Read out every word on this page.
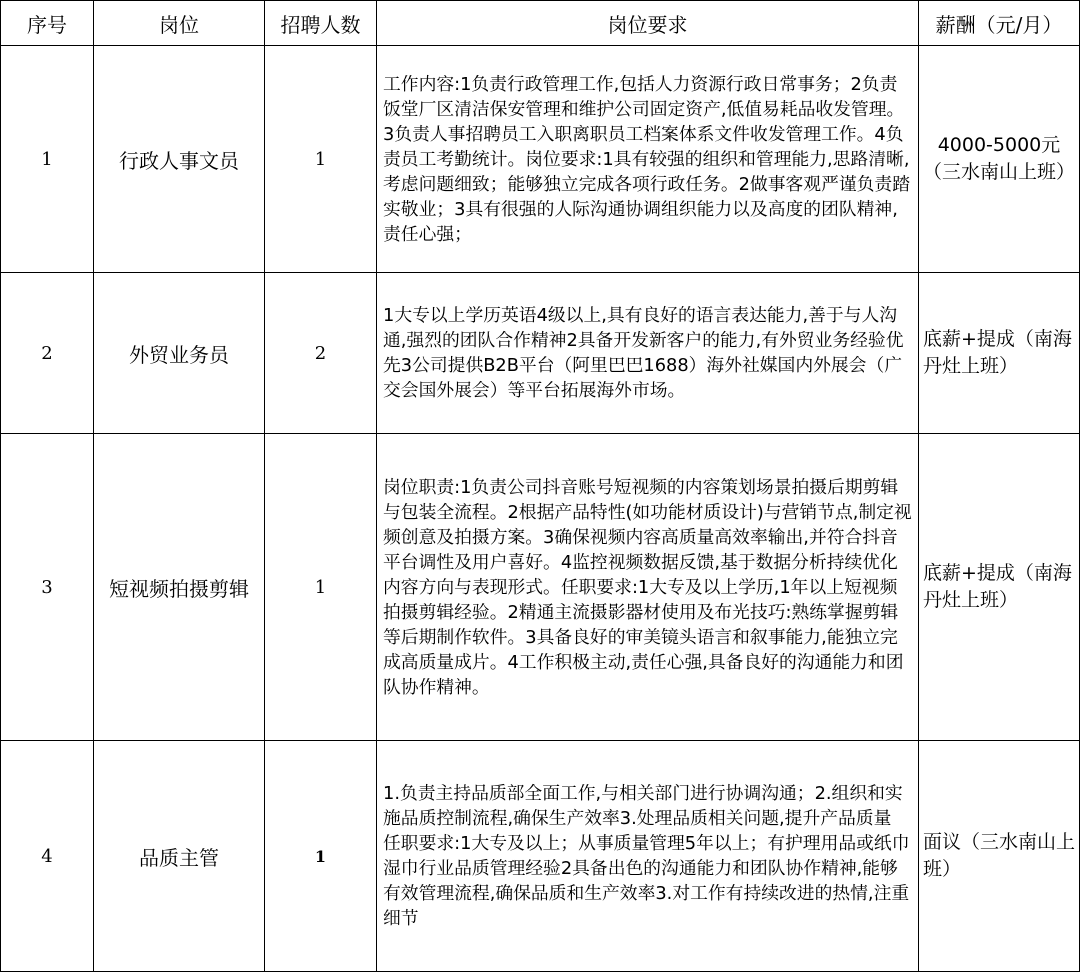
序号	岗位	招聘人数	岗位要求	薪酬（元/月）
1	行政人事文员	1	工作内容:1负责行政管理工作,包括人力资源行政日常事务；2负责饭堂厂区清洁保安管理和维护公司固定资产,低值易耗品收发管理。3负责人事招聘员工入职离职员工档案体系文件收发管理工作。4负责员工考勤统计。岗位要求:1具有较强的组织和管理能力,思路清晰,考虑问题细致；能够独立完成各项行政任务。2做事客观严谨负责踏实敬业；3具有很强的人际沟通协调组织能力以及高度的团队精神,责任心强；	4000-5000元（三水南山上班）
2	外贸业务员	2	1大专以上学历英语4级以上,具有良好的语言表达能力,善于与人沟通,强烈的团队合作精神2具备开发新客户的能力,有外贸业务经验优先3公司提供B2B平台（阿里巴巴1688）海外社媒国内外展会（广交会国外展会）等平台拓展海外市场。	底薪+提成（南海丹灶上班）
3	短视频拍摄剪辑	1	岗位职责:1负责公司抖音账号短视频的内容策划场景拍摄后期剪辑与包装全流程。2根据产品特性(如功能材质设计)与营销节点,制定视频创意及拍摄方案。3确保视频内容高质量高效率输出,并符合抖音平台调性及用户喜好。4监控视频数据反馈,基于数据分析持续优化内容方向与表现形式。任职要求:1大专及以上学历,1年以上短视频拍摄剪辑经验。2精通主流摄影器材使用及布光技巧:熟练掌握剪辑等后期制作软件。3具备良好的审美镜头语言和叙事能力,能独立完成高质量成片。4工作积极主动,责任心强,具备良好的沟通能力和团队协作精神。	底薪+提成（南海丹灶上班）
4	品质主管	1	1.负责主持品质部全面工作,与相关部门进行协调沟通；2.组织和实施品质控制流程,确保生产效率3.处理品质相关问题,提升产品质量
任职要求:1大专及以上；从事质量管理5年以上；有护理用品或纸巾湿巾行业品质管理经验2具备出色的沟通能力和团队协作精神,能够有效管理流程,确保品质和生产效率3.对工作有持续改进的热情,注重细节	面议（三水南山上班）
